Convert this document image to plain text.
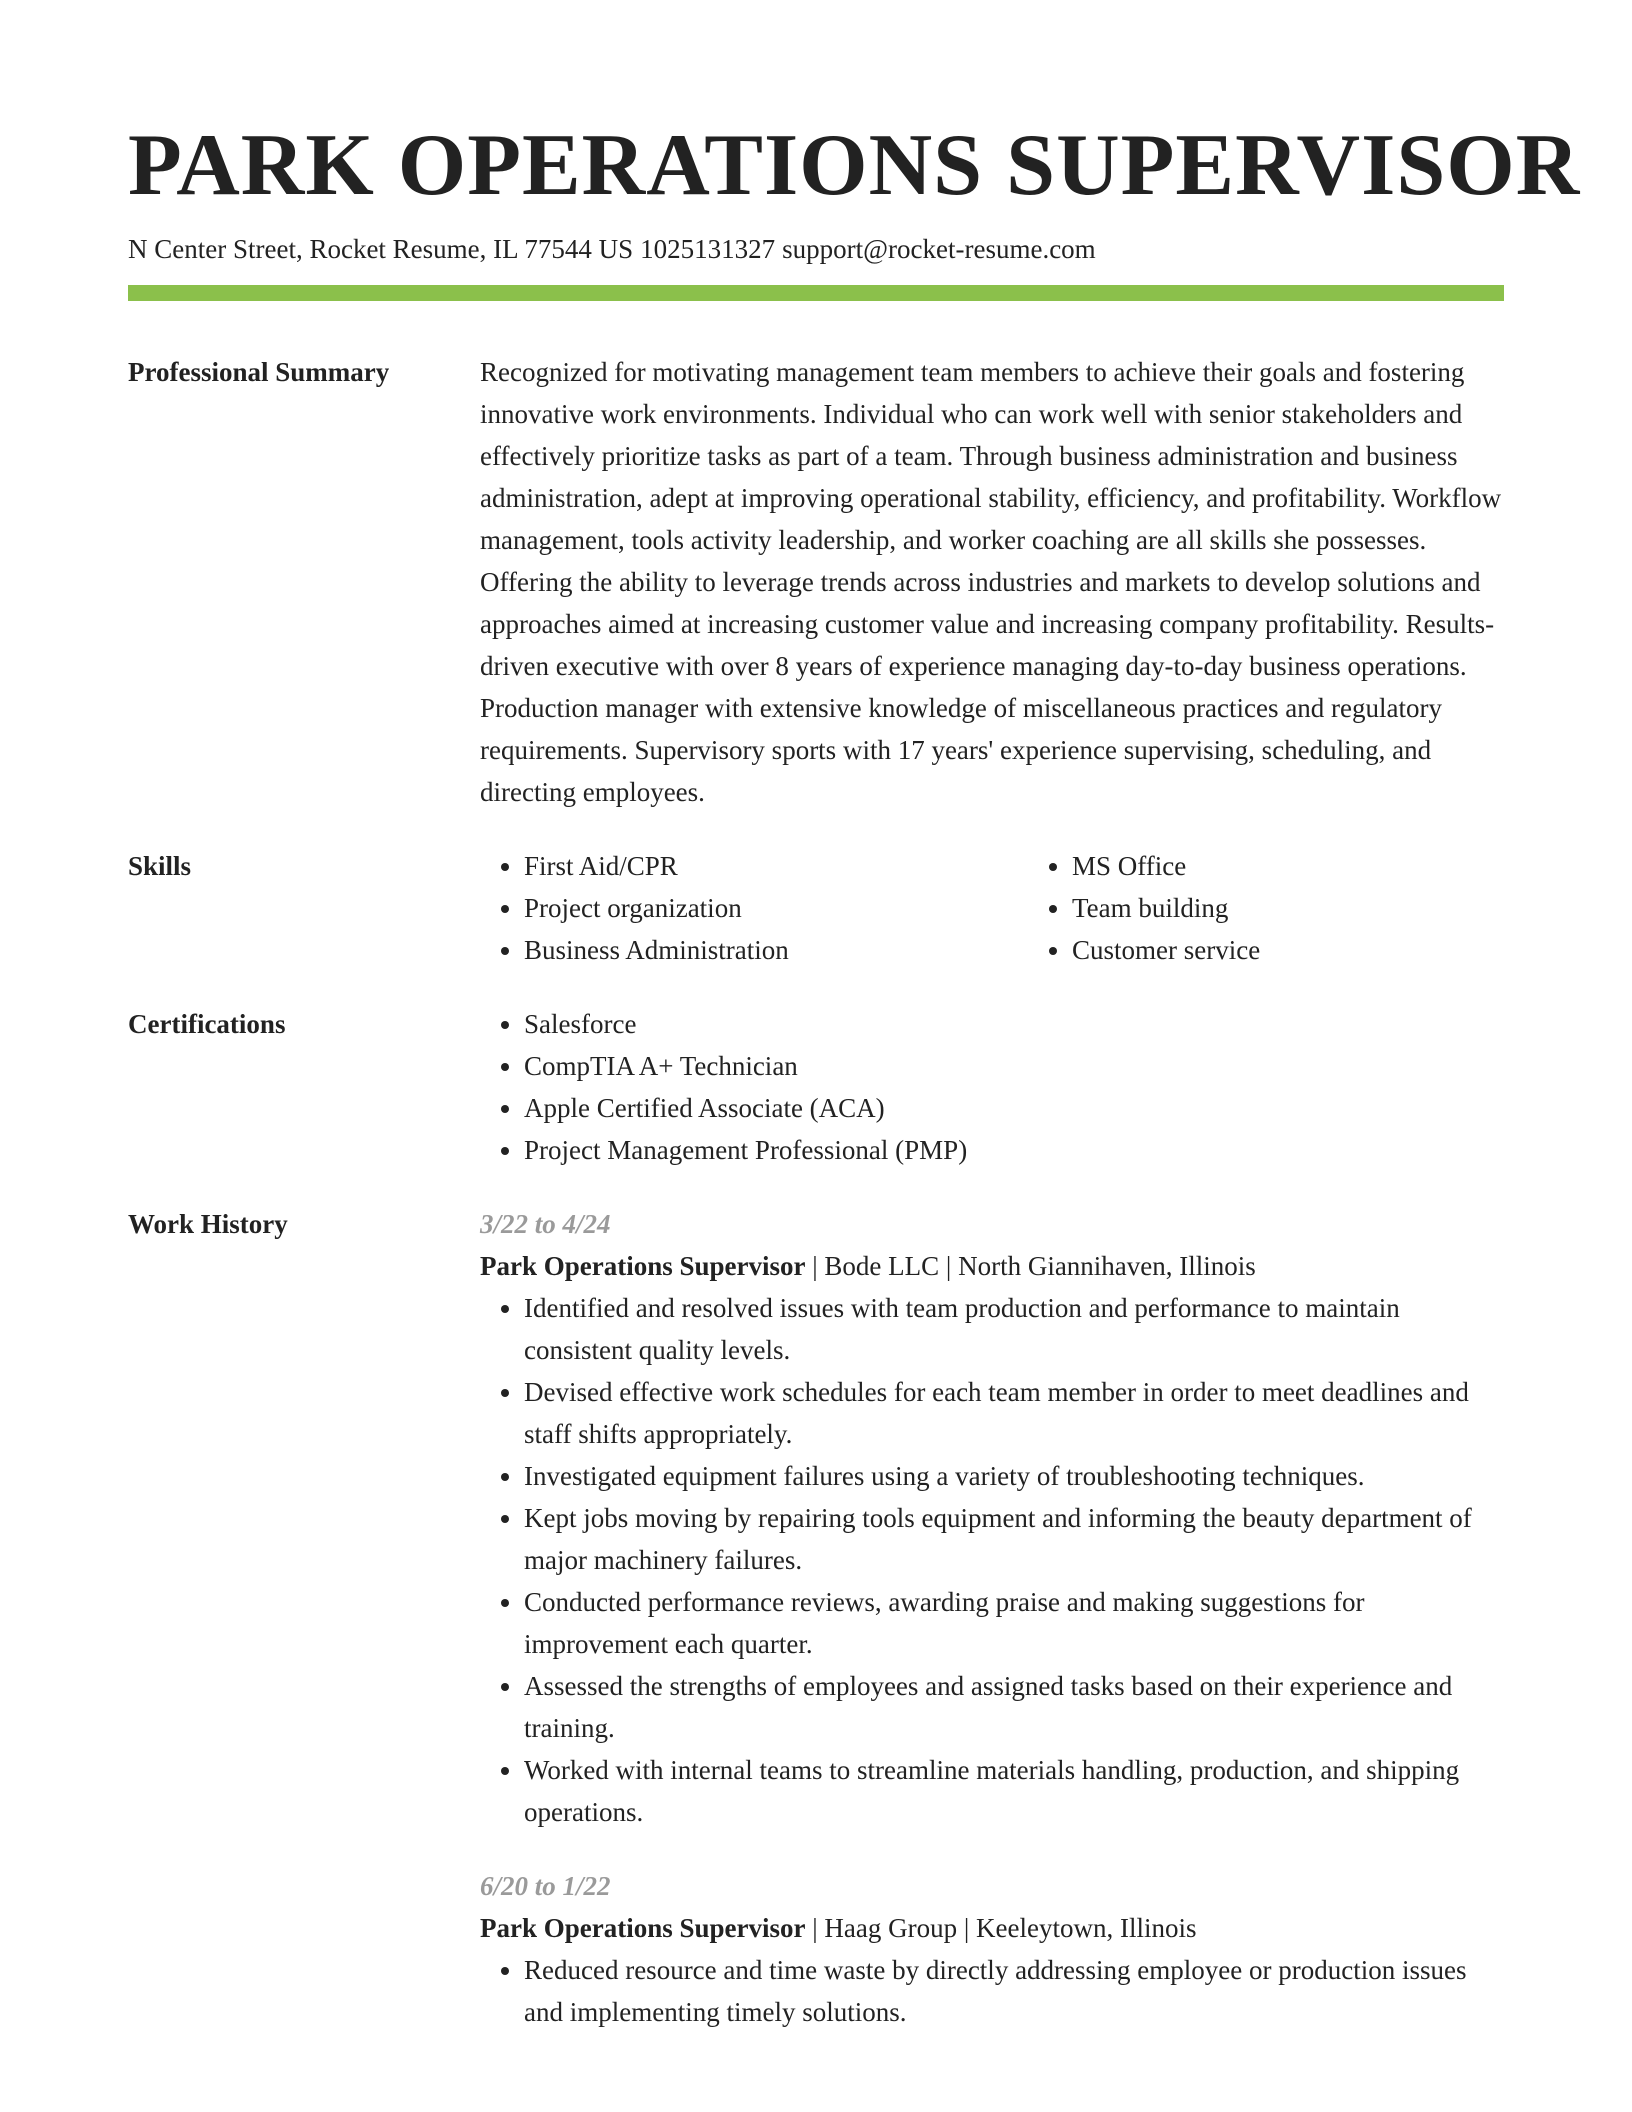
PARK OPERATIONS SUPERVISOR
N Center Street, Rocket Resume, IL 77544 US 1025131327 support@rocket-resume.com
Professional Summary	Recognized for motivating management team members to achieve their goals and fostering innovative work environments. Individual who can work well with senior stakeholders and effectively prioritize tasks as part of a team. Through business administration and business administration, adept at improving operational stability, efficiency, and profitability. Workflow management, tools activity leadership, and worker coaching are all skills she possesses. Offering the ability to leverage trends across industries and markets to develop solutions and approaches aimed at increasing customer value and increasing company profitability. Results-driven executive with over 8 years of experience managing day-to-day business operations. Production manager with extensive knowledge of miscellaneous practices and regulatory requirements. Supervisory sports with 17 years' experience supervising, scheduling, and directing employees.
Skills	• First Aid/CPR
• Project organization
• Business Administration
• MS Office
• Team building
• Customer service
Certifications	• Salesforce
• CompTIA A+ Technician
• Apple Certified Associate (ACA)
• Project Management Professional (PMP)
Work History	3/22 to 4/24
Park Operations Supervisor | Bode LLC | North Giannihaven, Illinois
• Identified and resolved issues with team production and performance to maintain consistent quality levels.
• Devised effective work schedules for each team member in order to meet deadlines and staff shifts appropriately.
• Investigated equipment failures using a variety of troubleshooting techniques.
• Kept jobs moving by repairing tools equipment and informing the beauty department of major machinery failures.
• Conducted performance reviews, awarding praise and making suggestions for improvement each quarter.
• Assessed the strengths of employees and assigned tasks based on their experience and training.
• Worked with internal teams to streamline materials handling, production, and shipping operations.
6/20 to 1/22
Park Operations Supervisor | Haag Group | Keeleytown, Illinois
• Reduced resource and time waste by directly addressing employee or production issues and implementing timely solutions.
